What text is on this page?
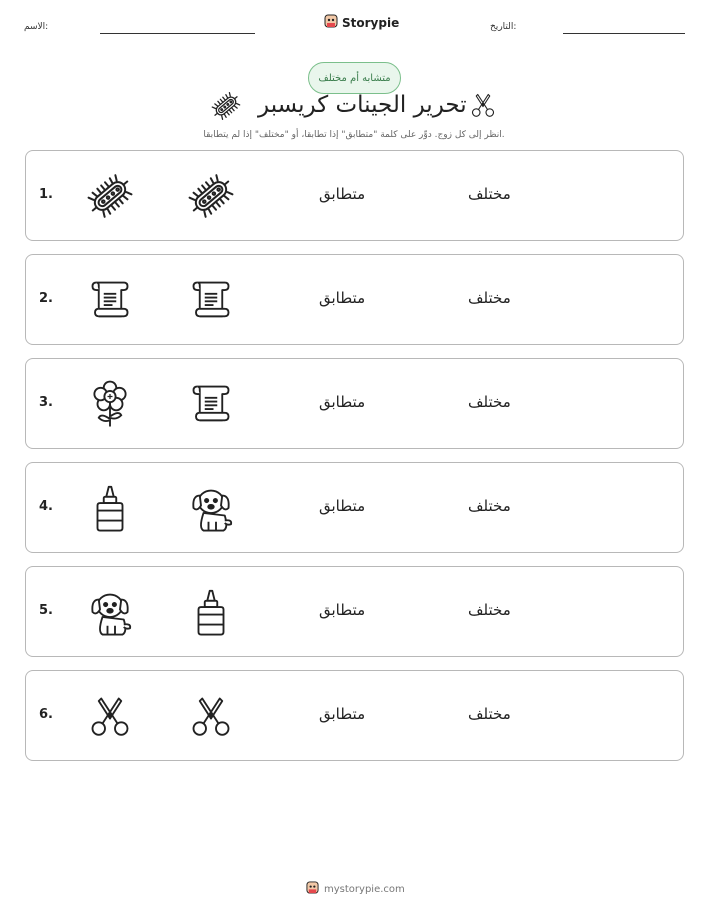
الاسم:	التاريخ:
Storypie
متشابه أم مختلف
تحرير الجينات كريسبر
انظر إلى كل زوج. دوِّر على كلمة "متطابق" إذا تطابقا، أو "مختلف" إذا لم يتطابقا.
1.	متطابق	مختلف
2.	متطابق	مختلف
3.	متطابق	مختلف
4.	متطابق	مختلف
5.	متطابق	مختلف
6.	متطابق	مختلف
mystorypie.com
